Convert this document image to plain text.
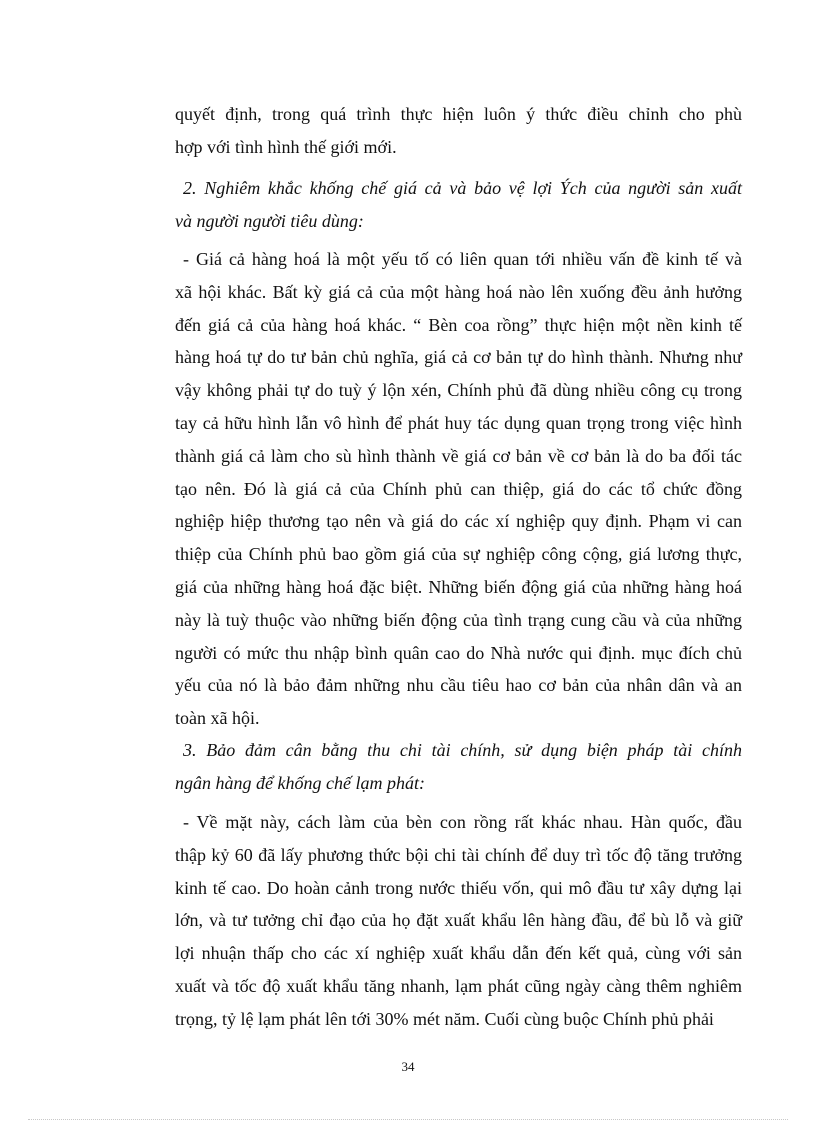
quyết định, trong quá trình thực hiện luôn ý thức điều chỉnh cho phù
hợp với tình hình thế giới mới.
2. Nghiêm khắc khống chế giá cả và bảo vệ lợi Ých của người sản xuất
và người người tiêu dùng:
- Giá cả hàng hoá là một yếu tố có liên quan tới nhiều vấn đề kinh tế và
xã hội khác. Bất kỳ giá cả của một hàng hoá nào lên xuống đều ảnh hưởng
đến giá cả của hàng hoá khác. “ Bèn coa rồng” thực hiện một nền kinh tế
hàng hoá tự do tư bản chủ nghĩa, giá cả cơ bản tự do hình thành. Nhưng như
vậy không phải tự do tuỳ ý lộn xén, Chính phủ đã dùng nhiều công cụ trong
tay cả hữu hình lẫn vô hình để phát huy tác dụng quan trọng trong việc hình
thành giá cả làm cho sù hình thành về giá cơ bản về cơ bản là do ba đối tác
tạo nên. Đó là giá cả của Chính phủ can thiệp, giá do các tổ chức đồng
nghiệp hiệp thương tạo nên và giá do các xí nghiệp quy định. Phạm vi can
thiệp của Chính phủ bao gồm giá của sự nghiệp công cộng, giá lương thực,
giá của những hàng hoá đặc biệt. Những biến động giá của những hàng hoá
này là tuỳ thuộc vào những biến động của tình trạng cung cầu và của những
người có mức thu nhập bình quân cao do Nhà nước qui định. mục đích chủ
yếu của nó là bảo đảm những nhu cầu tiêu hao cơ bản của nhân dân và an
toàn xã hội.
3. Bảo đảm cân bằng thu chi tài chính, sử dụng biện pháp tài chính
ngân hàng để khống chế lạm phát:
- Về mặt này, cách làm của bèn con rồng rất khác nhau. Hàn quốc, đầu
thập kỷ 60 đã lấy phương thức bội chi tài chính để duy trì tốc độ tăng trưởng
kinh tế cao. Do hoàn cảnh trong nước thiếu vốn, qui mô đầu tư xây dựng lại
lớn, và tư tưởng chỉ đạo của họ đặt xuất khẩu lên hàng đầu, để bù lỗ và giữ
lợi nhuận thấp cho các xí nghiệp xuất khẩu dẫn đến kết quả, cùng với sản
xuất và tốc độ xuất khẩu tăng nhanh, lạm phát cũng ngày càng thêm nghiêm
trọng, tỷ lệ lạm phát lên tới 30% mét năm. Cuối cùng buộc Chính phủ phải
34
